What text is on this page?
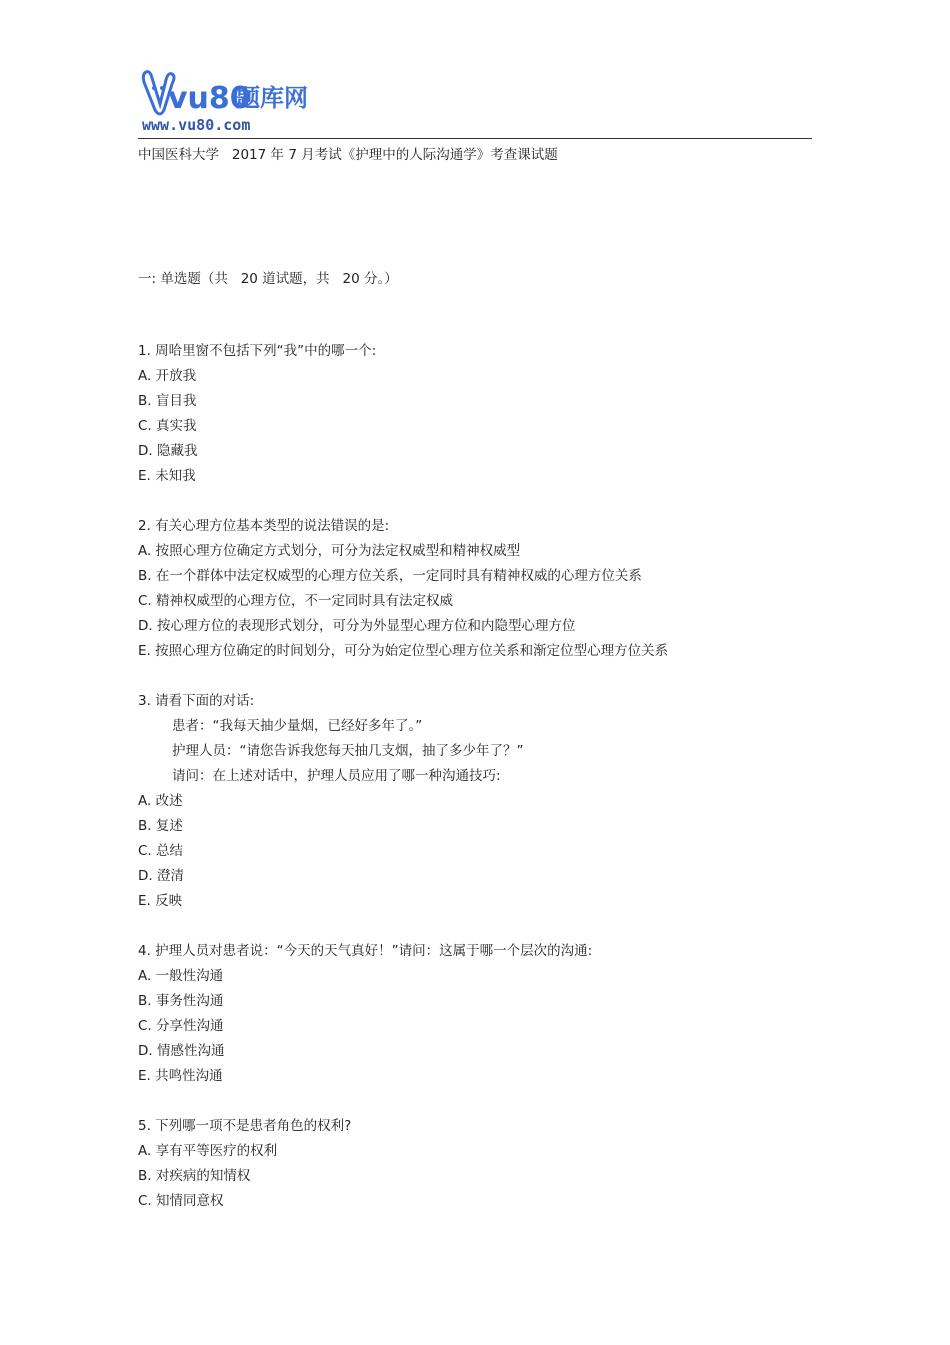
vu80
题库网
www.vu80.com
中国医科大学   2017 年 7 月考试《护理中的人际沟通学》考查课试题
一: 单选题（共   20 道试题，共   20 分。）
1. 周哈里窗不包括下列“我”中的哪一个:
A. 开放我
B. 盲目我
C. 真实我
D. 隐藏我
E. 未知我
2. 有关心理方位基本类型的说法错误的是:
A. 按照心理方位确定方式划分，可分为法定权威型和精神权威型
B. 在一个群体中法定权威型的心理方位关系，一定同时具有精神权威的心理方位关系
C. 精神权威型的心理方位，不一定同时具有法定权威
D. 按心理方位的表现形式划分，可分为外显型心理方位和内隐型心理方位
E. 按照心理方位确定的时间划分，可分为始定位型心理方位关系和渐定位型心理方位关系
3. 请看下面的对话:
患者：“我每天抽少量烟，已经好多年了。”
护理人员：“请您告诉我您每天抽几支烟，抽了多少年了？”
请问：在上述对话中，护理人员应用了哪一种沟通技巧:
A. 改述
B. 复述
C. 总结
D. 澄清
E. 反映
4. 护理人员对患者说：“今天的天气真好！”请问：这属于哪一个层次的沟通:
A. 一般性沟通
B. 事务性沟通
C. 分享性沟通
D. 情感性沟通
E. 共鸣性沟通
5. 下列哪一项不是患者角色的权利?
A. 享有平等医疗的权利
B. 对疾病的知情权
C. 知情同意权
